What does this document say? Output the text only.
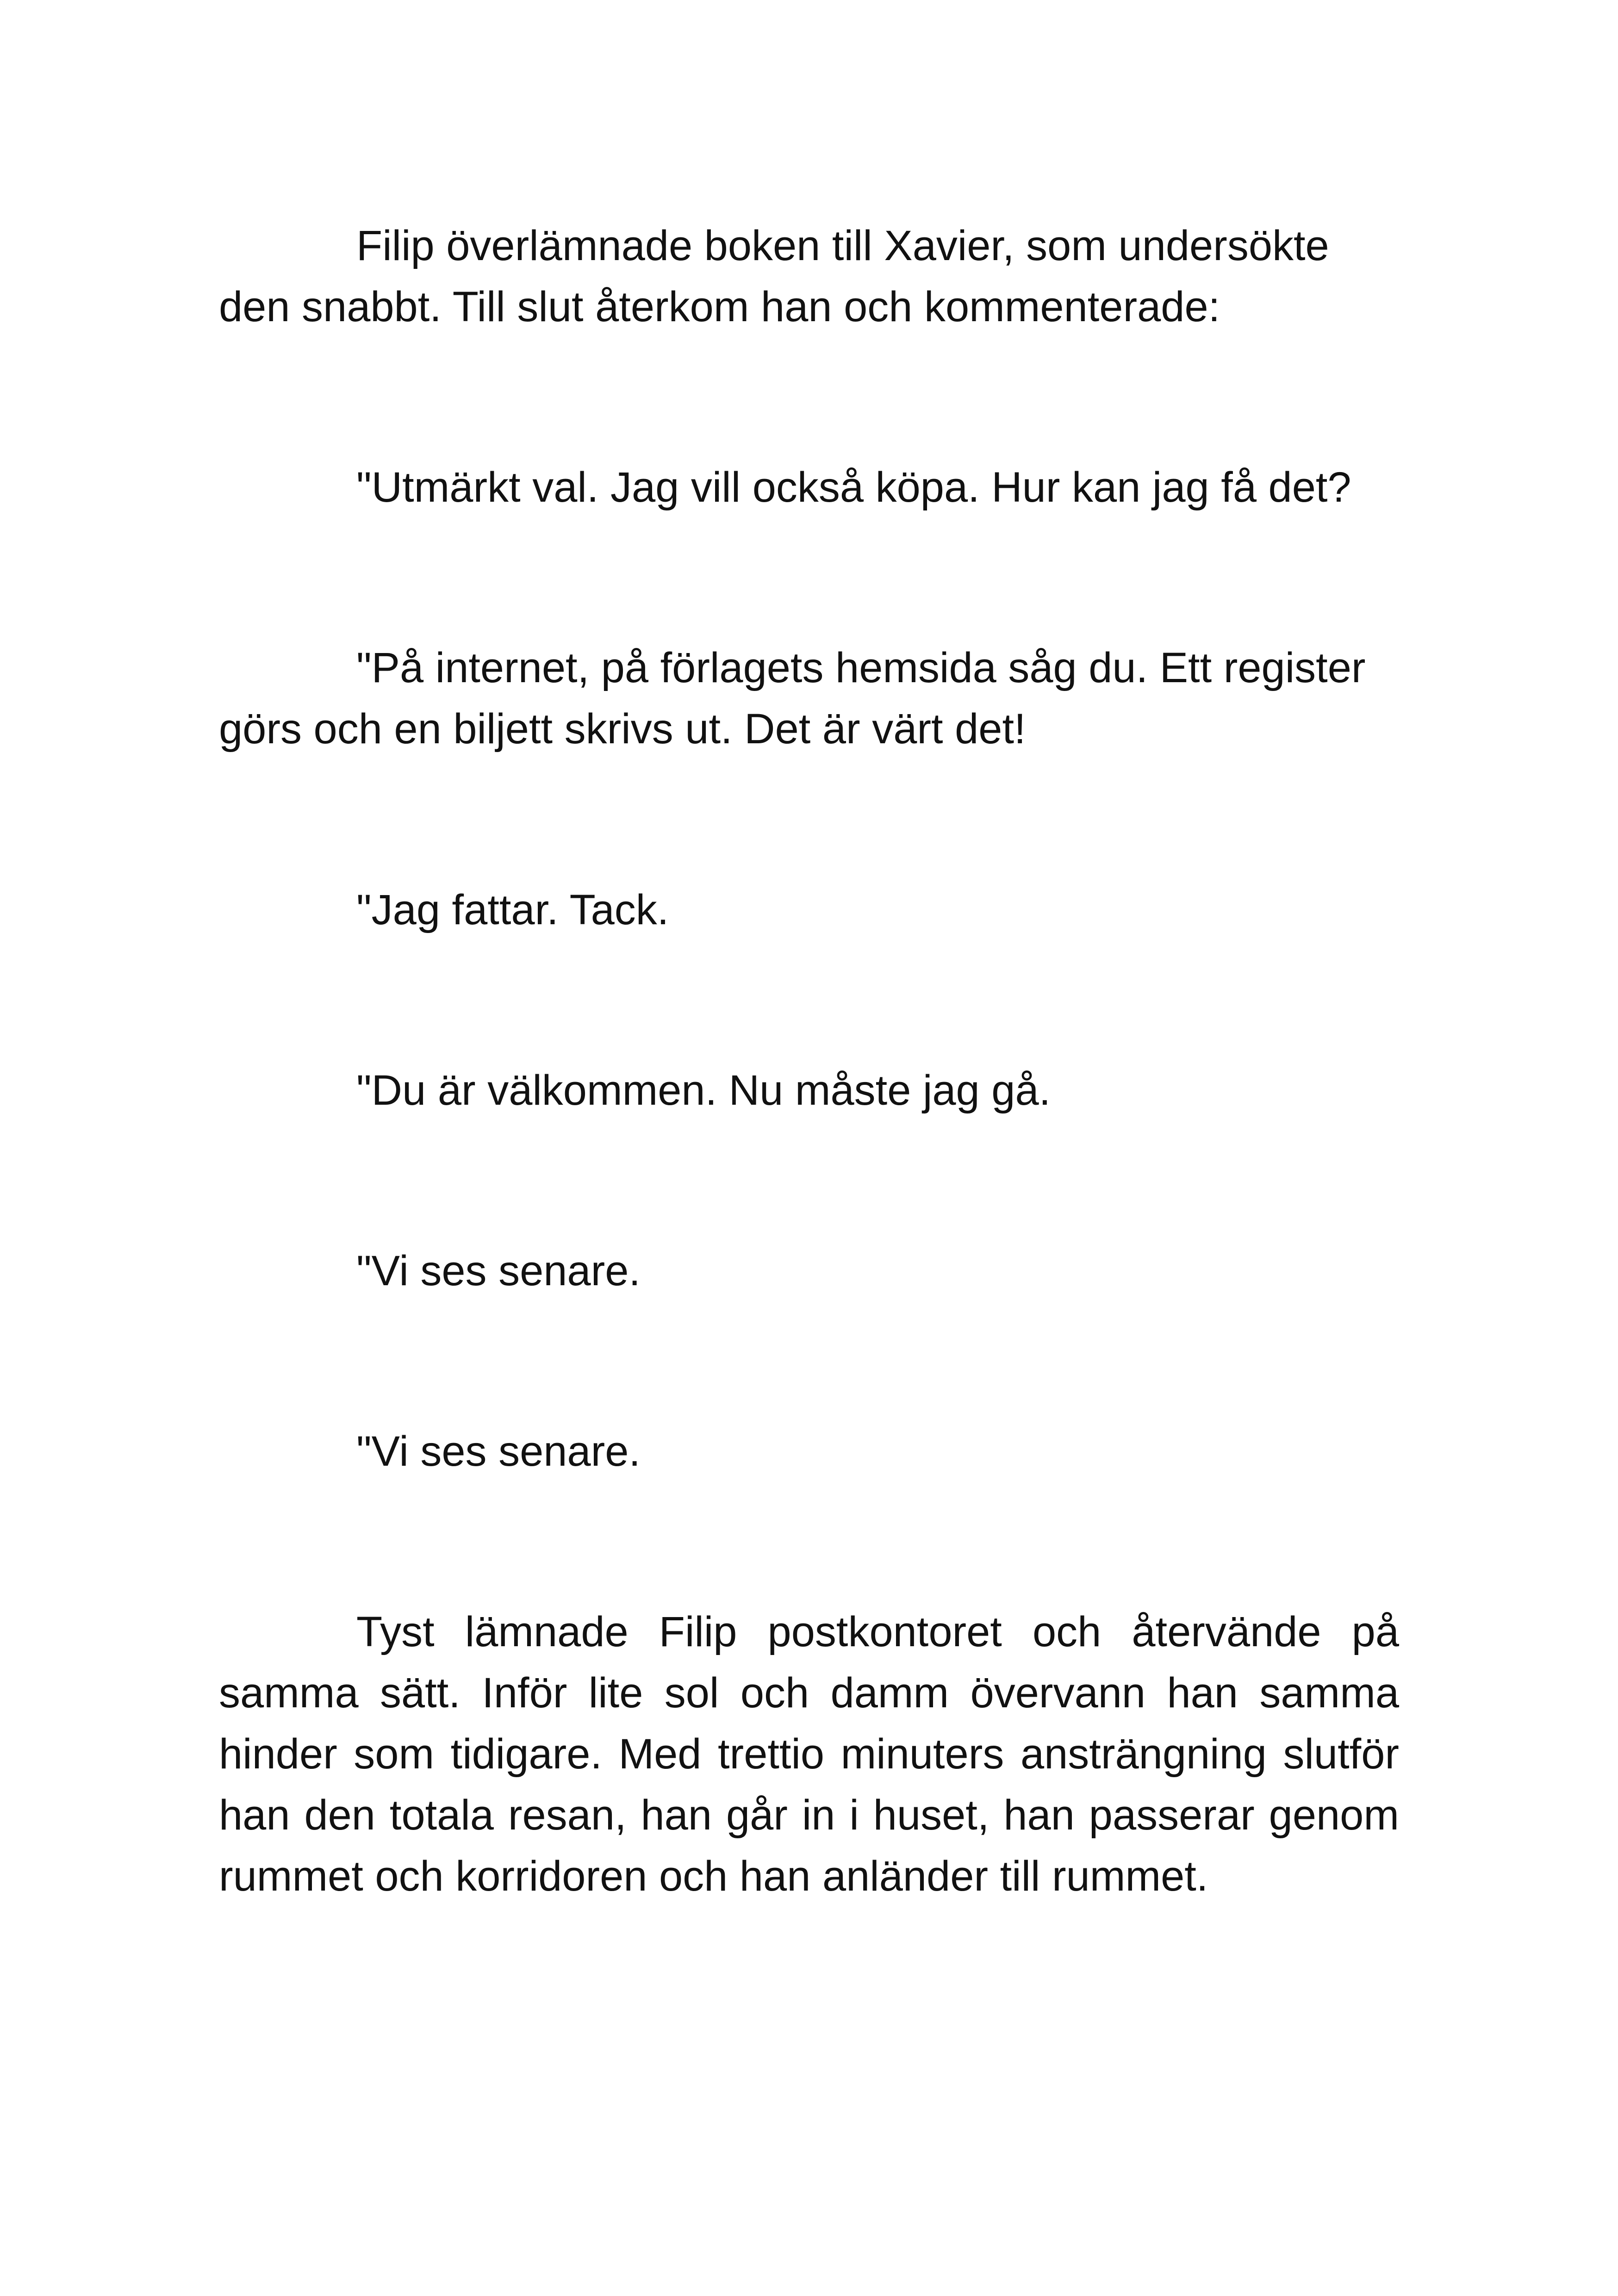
Filip överlämnade boken till Xavier, som undersökte den snabbt. Till slut återkom han och kommenterade:

"Utmärkt val. Jag vill också köpa. Hur kan jag få det?

"På internet, på förlagets hemsida såg du. Ett register görs och en biljett skrivs ut. Det är värt det!

"Jag fattar. Tack.

"Du är välkommen. Nu måste jag gå.

"Vi ses senare.

"Vi ses senare.

Tyst lämnade Filip postkontoret och återvände på samma sätt. Inför lite sol och damm övervann han samma hinder som tidigare. Med trettio minuters ansträngning slutför han den totala resan, han går in i huset, han passerar genom rummet och korridoren och han anländer till rummet.
